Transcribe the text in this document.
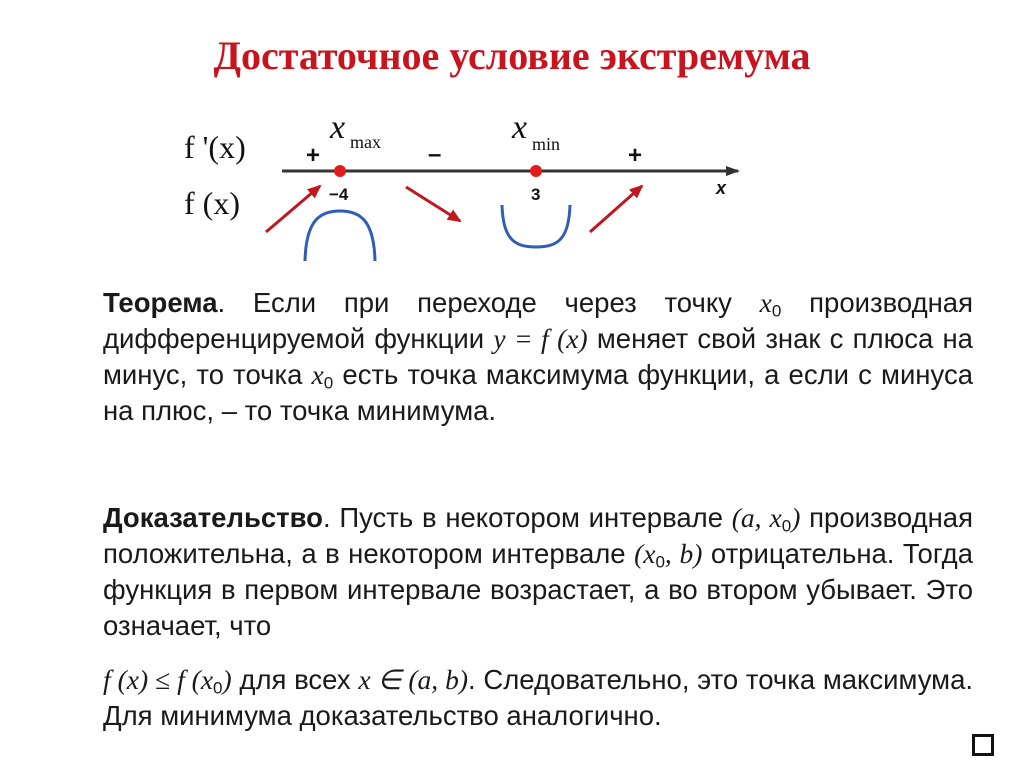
Достаточное условие экстремума
f '(x)
f (x)
x max	x min
+	–	+
x
−4	3
Теорема. Если при переходе через точку $x_0$ производная дифференцируемой функции y = f (x) меняет свой знак с плюса на минус, то точка $x_0$ есть точка максимума функции, а если с минуса на плюс, – то точка минимума.
Доказательство. Пусть в некотором интервале (a, $x_0$) производная положительна, а в некотором интервале ($x_0$, b) отрицательна. Тогда функция в первом интервале возрастает, а во втором убывает. Это означает, что
f (x) ≤ f $(x_0)$ для всех x ∈ (a, b). Следовательно, это точка максимума. Для минимума доказательство аналогично.
